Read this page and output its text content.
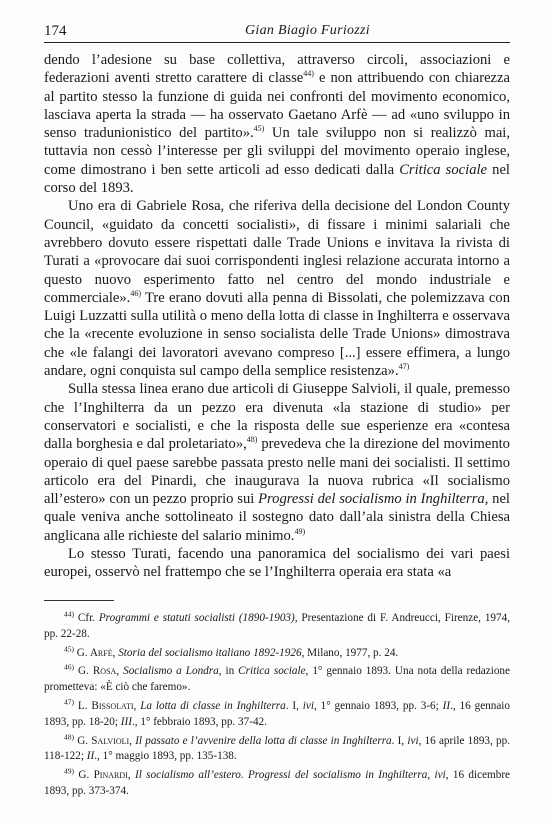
174	Gian Biagio Furiozzi

dendo l’adesione su base collettiva, attraverso circoli, associazioni e federazioni aventi stretto carattere di classe$^{44)}$ e non attribuendo con chiarezza al partito stesso la funzione di guida nei confronti del movimento economico, lasciava aperta la strada — ha osservato Gaetano Arfè — ad «uno sviluppo in senso tradunionistico del partito».$^{45)}$ Un tale sviluppo non si realizzò mai, tuttavia non cessò l’interesse per gli sviluppi del movimento operaio inglese, come dimostrano i ben sette articoli ad esso dedicati dalla Critica sociale nel corso del 1893.

Uno era di Gabriele Rosa, che riferiva della decisione del London County Council, «guidato da concetti socialisti», di fissare i minimi salariali che avrebbero dovuto essere rispettati dalle Trade Unions e invitava la rivista di Turati a «provocare dai suoi corrispondenti inglesi relazione accurata intorno a questo nuovo esperimento fatto nel centro del mondo industriale e commerciale».$^{46)}$ Tre erano dovuti alla penna di Bissolati, che polemizzava con Luigi Luzzatti sulla utilità o meno della lotta di classe in Inghilterra e osservava che la «recente evoluzione in senso socialista delle Trade Unions» dimostrava che «le falangi dei lavoratori avevano compreso [...] essere effimera, a lungo andare, ogni conquista sul campo della semplice resistenza».$^{47)}$

Sulla stessa linea erano due articoli di Giuseppe Salvioli, il quale, premesso che l’Inghilterra da un pezzo era divenuta «la stazione di studio» per conservatori e socialisti, e che la risposta delle sue esperienze era «contesa dalla borghesia e dal proletariato»,$^{48)}$ prevedeva che la direzione del movimento operaio di quel paese sarebbe passata presto nelle mani dei socialisti. Il settimo articolo era del Pinardi, che inaugurava la nuova rubrica «Il socialismo all’estero» con un pezzo proprio sui Progressi del socialismo in Inghilterra, nel quale veniva anche sottolineato il sostegno dato dall’ala sinistra della Chiesa anglicana alle richieste del salario minimo.$^{49)}$

Lo stesso Turati, facendo una panoramica del socialismo dei vari paesi europei, osservò nel frattempo che se l’Inghilterra operaia era stata «a

$^{44)}$ Cfr. Programmi e statuti socialisti (1890-1903), Presentazione di F. Andreucci, Firenze, 1974, pp. 22-28.

$^{45)}$ G. Arfè, Storia del socialismo italiano 1892-1926, Milano, 1977, p. 24.

$^{46)}$ G. Rosa, Socialismo a Londra, in Critica sociale, 1° gennaio 1893. Una nota della redazione prometteva: «È ciò che faremo».

$^{47)}$ L. Bissolati, La lotta di classe in Inghilterra. I, ivi, 1° gennaio 1893, pp. 3-6; II., 16 gennaio 1893, pp. 18-20; III., 1° febbraio 1893, pp. 37-42.

$^{48)}$ G. Salvioli, Il passato e l’avvenire della lotta di classe in Inghilterra. I, ivi, 16 aprile 1893, pp. 118-122; II., 1° maggio 1893, pp. 135-138.

$^{49)}$ G. Pinardi, Il socialismo all’estero. Progressi del socialismo in Inghilterra, ivi, 16 dicembre 1893, pp. 373-374.
